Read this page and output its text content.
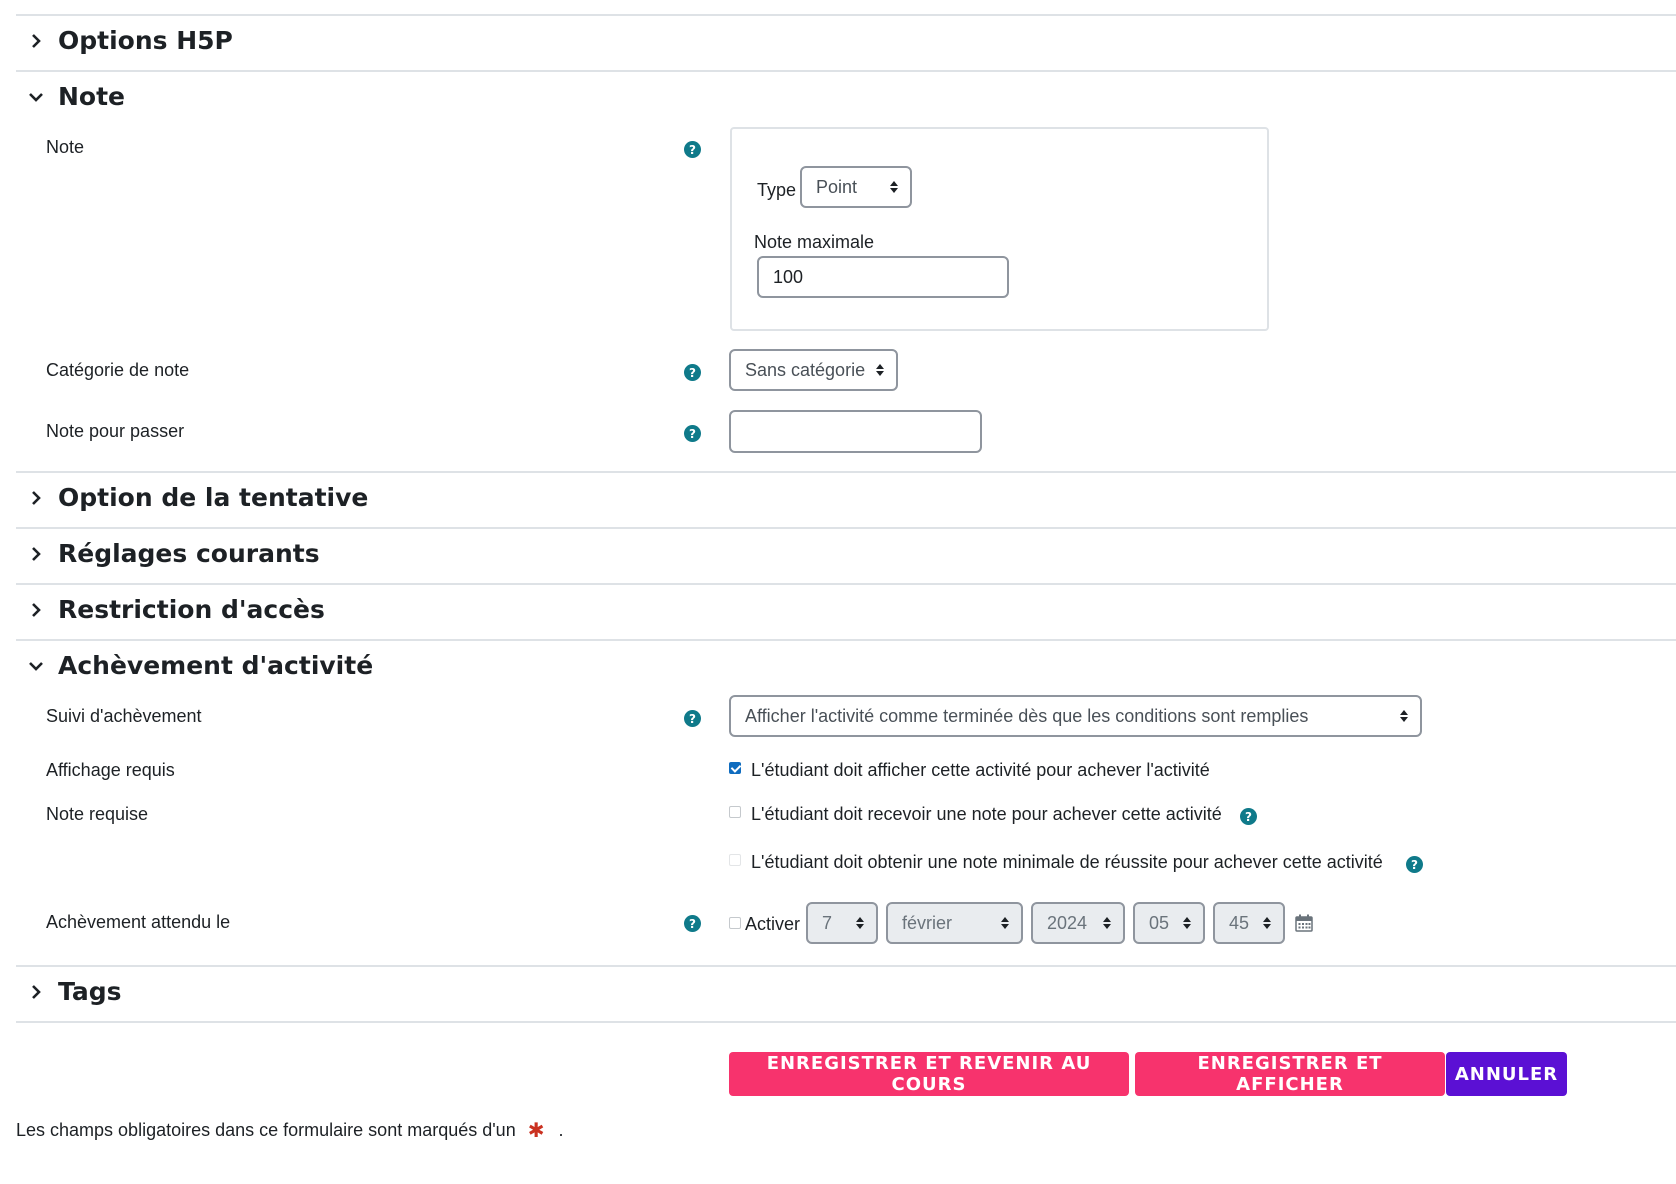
Options H5P
Note
Note	?
Type Point
Note maximale
100
Catégorie de note	?	Sans catégorie
Note pour passer	?
Option de la tentative
Réglages courants
Restriction d'accès
Achèvement d'activité
Suivi d'achèvement	?	Afficher l'activité comme terminée dès que les conditions sont remplies
Affichage requis	L'étudiant doit afficher cette activité pour achever l'activité
Note requise	L'étudiant doit recevoir une note pour achever cette activité	?
L'étudiant doit obtenir une note minimale de réussite pour achever cette activité	?
Achèvement attendu le	?	Activer 7	février	2024	05	45
Tags
ENREGISTRER ET REVENIR AU COURS
ENREGISTRER ET AFFICHER	ANNULER
Les champs obligatoires dans ce formulaire sont marqués d'un ✱ .
